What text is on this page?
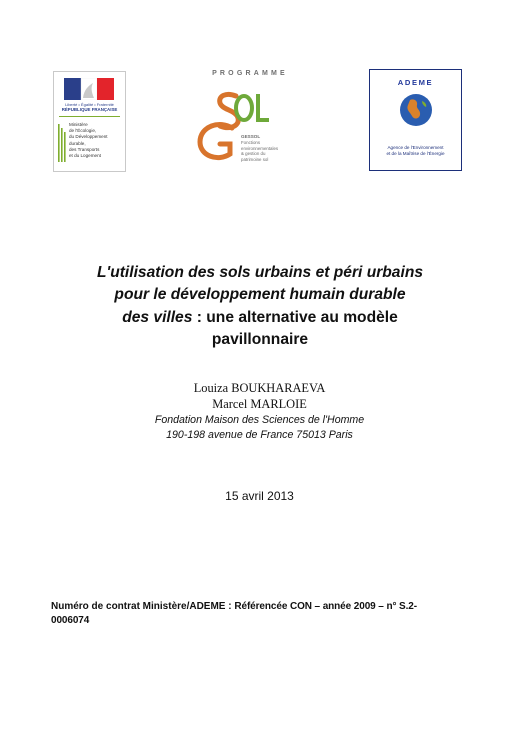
Liberté • Égalité • Fraternité
RÉPUBLIQUE FRANÇAISE
Ministère
de l'Écologie,
du Développement
durable,
des Transports
et du Logement
PROGRAMME
GESSOL
Fonctions
environnementales
& gestion du
patrimoine sol
ADEME
Agence de l'Environnement
et de la Maîtrise de l'Énergie
L'utilisation des sols urbains et péri urbains
pour le développement humain durable
des villes : une alternative au modèle
pavillonnaire
Louiza BOUKHARAEVA
Marcel MARLOIE
Fondation Maison des Sciences de l'Homme
190-198 avenue de France 75013 Paris
15 avril 2013
Numéro de contrat Ministère/ADEME : Référencée CON – année 2009 – n° S.2-
0006074
